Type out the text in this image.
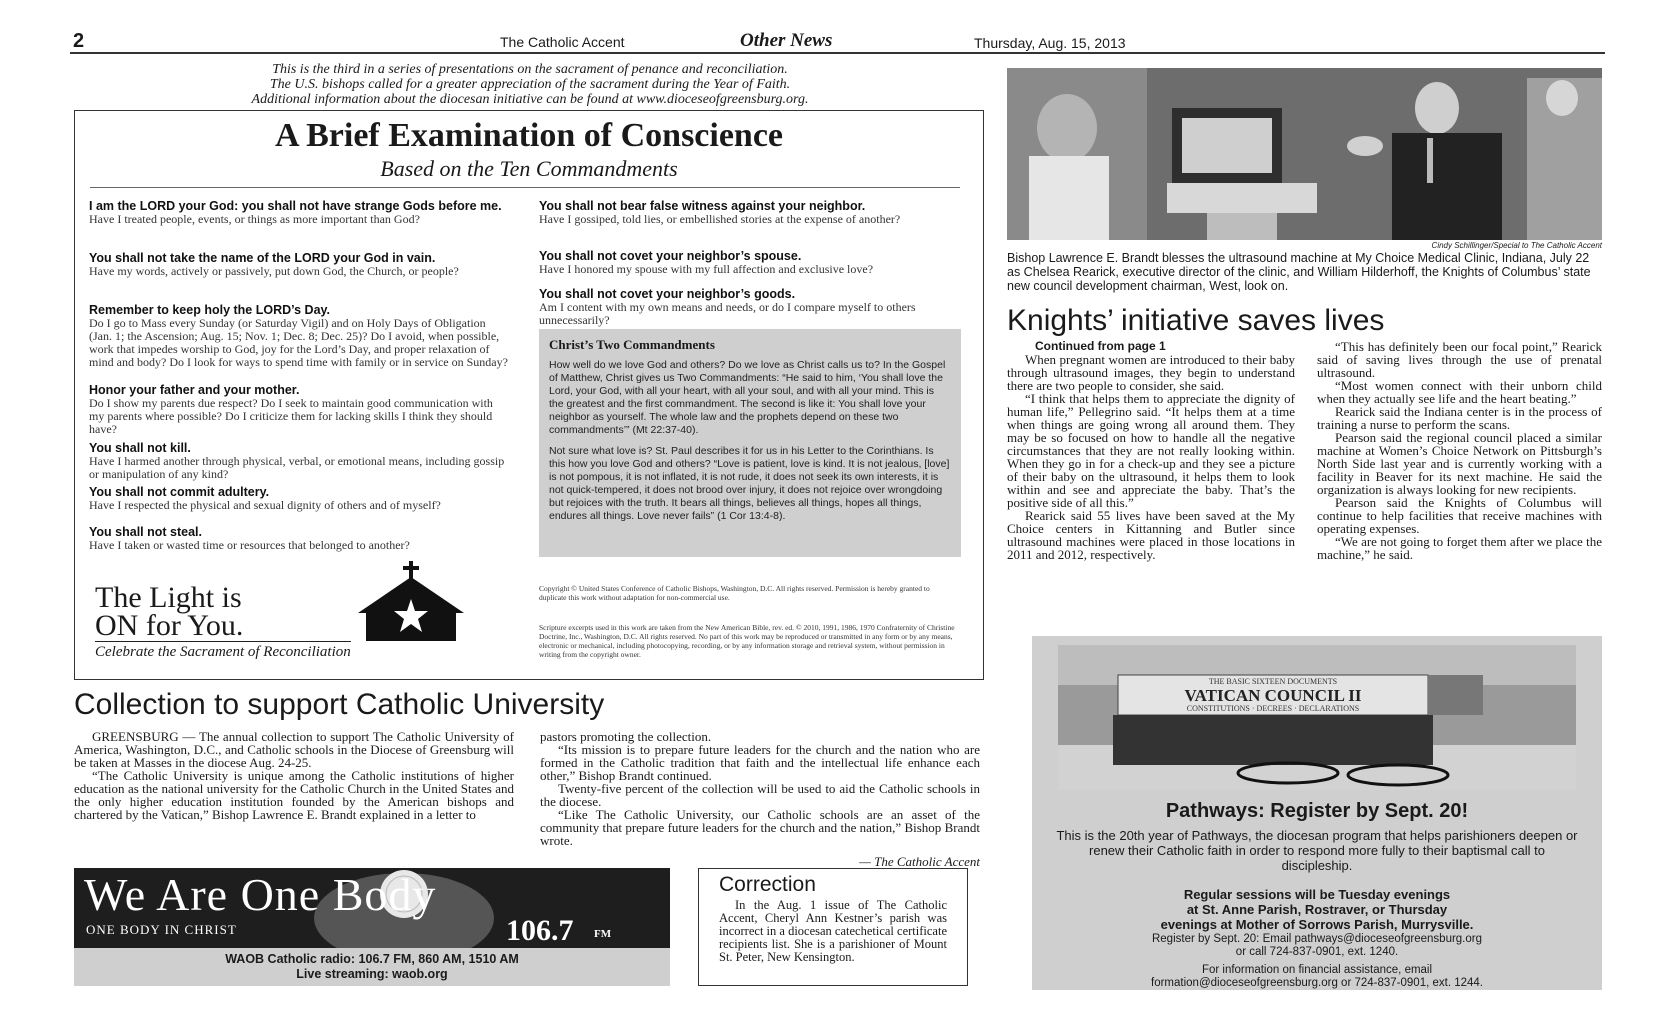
2	The Catholic Accent	Other News	Thursday, Aug. 15, 2013
This is the third in a series of presentations on the sacrament of penance and reconciliation.
The U.S. bishops called for a greater appreciation of the sacrament during the Year of Faith.
Additional information about the diocesan initiative can be found at www.dioceseofgreensburg.org.
A Brief Examination of Conscience
Based on the Ten Commandments
I am the LORD your God: you shall not have strange Gods before me.
Have I treated people, events, or things as more important than God?
You shall not take the name of the LORD your God in vain.
Have my words, actively or passively, put down God, the Church, or people?
Remember to keep holy the LORD’s Day.
Do I go to Mass every Sunday (or Saturday Vigil) and on Holy Days of Obligation (Jan. 1; the Ascension; Aug. 15; Nov. 1; Dec. 8; Dec. 25)? Do I avoid, when possible, work that impedes worship to God, joy for the Lord’s Day, and proper relaxation of mind and body? Do I look for ways to spend time with family or in service on Sunday?
Honor your father and your mother.
Do I show my parents due respect? Do I seek to maintain good communication with my parents where possible? Do I criticize them for lacking skills I think they should have?
You shall not kill.
Have I harmed another through physical, verbal, or emotional means, including gossip or manipulation of any kind?
You shall not commit adultery.
Have I respected the physical and sexual dignity of others and of myself?
You shall not steal.
Have I taken or wasted time or resources that belonged to another?
You shall not bear false witness against your neighbor.
Have I gossiped, told lies, or embellished stories at the expense of another?
You shall not covet your neighbor’s spouse.
Have I honored my spouse with my full affection and exclusive love?
You shall not covet your neighbor’s goods.
Am I content with my own means and needs, or do I compare myself to others unnecessarily?
Christ’s Two Commandments

How well do we love God and others? Do we love as Christ calls us to? In the Gospel of Matthew, Christ gives us Two Commandments: “He said to him, ‘You shall love the Lord, your God, with all your heart, with all your soul, and with all your mind. This is the greatest and the first commandment. The second is like it: You shall love your neighbor as yourself. The whole law and the prophets depend on these two commandments’” (Mt 22:37-40).

Not sure what love is? St. Paul describes it for us in his Letter to the Corinthians. Is this how you love God and others? “Love is patient, love is kind. It is not jealous, [love] is not pompous, it is not inflated, it is not rude, it does not seek its own interests, it is not quick-tempered, it does not brood over injury, it does not rejoice over wrongdoing but rejoices with the truth. It bears all things, believes all things, hopes all things, endures all things. Love never fails” (1 Cor 13:4-8).

The Light is
ON for You.
Celebrate the Sacrament of Reconciliation
Copyright © United States Conference of Catholic Bishops, Washington, D.C. All rights reserved. Permission is hereby granted to duplicate this work without adaptation for non-commercial use.
Scripture excerpts used in this work are taken from the New American Bible, rev. ed. © 2010, 1991, 1986, 1970 Confraternity of Christine Doctrine, Inc., Washington, D.C. All rights reserved. No part of this work may be reproduced or transmitted in any form or by any means, electronic or mechanical, including photocopying, recording, or by any information storage and retrieval system, without permission in writing from the copyright owner.
Cindy Schillinger/Special to The Catholic Accent
Bishop Lawrence E. Brandt blesses the ultrasound machine at My Choice Medical Clinic, Indiana, July 22 as Chelsea Rearick, executive director of the clinic, and William Hilderhoff, the Knights of Columbus’ state new council development chairman, West, look on.
Knights’ initiative saves lives

Continued from page 1

When pregnant women are introduced to their baby through ultrasound images, they begin to understand there are two people to consider, she said.

“I think that helps them to appreciate the dignity of human life,” Pellegrino said. “It helps them at a time when things are going wrong all around them. They may be so focused on how to handle all the negative circumstances that they are not really looking within. When they go in for a check-up and they see a picture of their baby on the ultrasound, it helps them to look within and see and appreciate the baby. That’s the positive side of all this.”

Rearick said 55 lives have been saved at the My Choice centers in Kittanning and Butler since ultrasound machines were placed in those locations in 2011 and 2012, respectively.

“This has definitely been our focal point,” Rearick said of saving lives through the use of prenatal ultrasound.

“Most women connect with their unborn child when they actually see life and the heart beating.”

Rearick said the Indiana center is in the process of training a nurse to perform the scans.

Pearson said the regional council placed a similar machine at Women’s Choice Network on Pittsburgh’s North Side last year and is currently working with a facility in Beaver for its next machine. He said the organization is always looking for new recipients.

Pearson said the Knights of Columbus will continue to help facilities that receive machines with operating expenses.

“We are not going to forget them after we place the machine,” he said.

Collection to support Catholic University

GREENSBURG — The annual collection to support The Catholic University of America, Washington, D.C., and Catholic schools in the Diocese of Greensburg will be taken at Masses in the diocese Aug. 24-25.

“The Catholic University is unique among the Catholic institutions of higher education as the national university for the Catholic Church in the United States and the only higher education institution founded by the American bishops and chartered by the Vatican,” Bishop Lawrence E. Brandt explained in a letter to

pastors promoting the collection.

“Its mission is to prepare future leaders for the church and the nation who are formed in the Catholic tradition that faith and the intellectual life enhance each other,” Bishop Brandt continued.

Twenty-five percent of the collection will be used to aid the Catholic schools in the diocese.

“Like The Catholic University, our Catholic schools are an asset of the community that prepare future leaders for the church and the nation,” Bishop Brandt wrote.

— The Catholic Accent
We Are One Body
ONE BODY IN CHRIST	106.7 FM
WAOB Catholic radio: 106.7 FM, 860 AM, 1510 AM
Live streaming: waob.org
Correction

In the Aug. 1 issue of The Catholic Accent, Cheryl Ann Kestner’s parish was incorrect in a diocesan catechetical certificate recipients list. She is a parishioner of Mount St. Peter, New Kensington.

THE BASIC SIXTEEN DOCUMENTS
VATICAN COUNCIL II
CONSTITUTIONS · DECREES · DECLARATIONS
Pathways: Register by Sept. 20!
This is the 20th year of Pathways, the diocesan program that helps parishioners deepen or renew their Catholic faith in order to respond more fully to their baptismal call to discipleship.
Regular sessions will be Tuesday evenings
at St. Anne Parish, Rostraver, or Thursday
evenings at Mother of Sorrows Parish, Murrysville.
Register by Sept. 20: Email pathways@dioceseofgreensburg.org
or call 724-837-0901, ext. 1240.
For information on financial assistance, email
formation@dioceseofgreensburg.org or 724-837-0901, ext. 1244.
